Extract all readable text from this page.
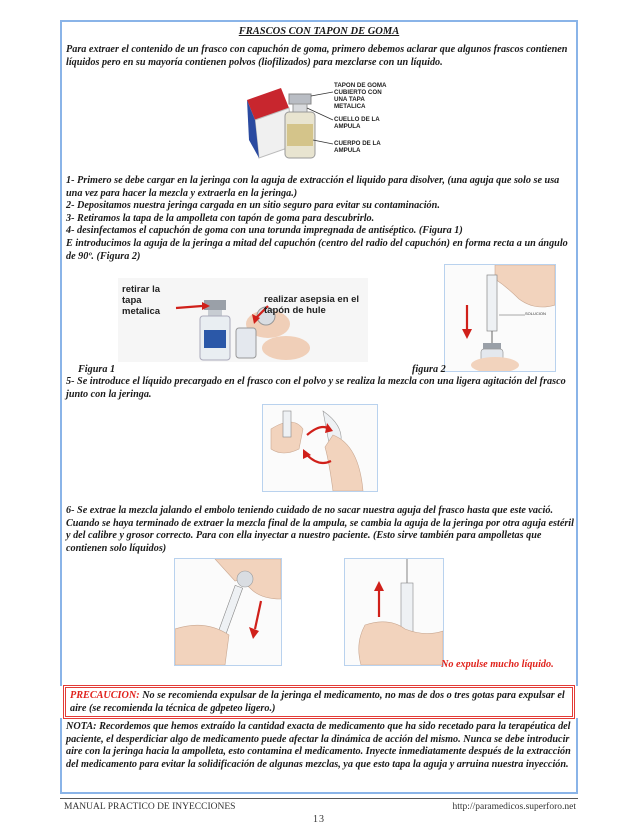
FRASCOS CON TAPON DE GOMA
Para extraer el contenido de un frasco con capuchón de goma, primero debemos aclarar que algunos frascos contienen líquidos pero en su mayoría contienen polvos (liofilizados) para mezclarse con un líquido.
TAPON DE GOMA CUBIERTO CON UNA TAPA METALICA
CUELLO DE LA AMPULA
CUERPO DE LA AMPULA
1- Primero se debe cargar en la jeringa con la aguja de extracción el liquido para disolver, (una aguja que solo se usa una vez para hacer la mezcla y extraerla en la jeringa.)
2- Depositamos nuestra jeringa cargada en un sitio seguro para evitar su contaminación.
3- Retiramos la tapa de la ampolleta con tapón de goma para descubrirlo.
4- desinfectamos el capuchón de goma con una torunda impregnada de antiséptico. (Figura 1)
E introducimos la aguja de la jeringa a mitad del capuchón (centro del radio del capuchón) en forma recta a un ángulo de 90º. (Figura 2)
retirar la tapa metalica
realizar asepsia en el tapón de hule	SOLUCION
Figura 1	figura 2
5- Se introduce el líquido precargado en el frasco con el polvo y se realiza la mezcla con una ligera agitación del frasco junto con la jeringa.
6- Se extrae la mezcla jalando el embolo teniendo cuidado de no sacar nuestra aguja del frasco hasta que este vació. Cuando se haya terminado de extraer la mezcla final de la ampula, se cambia la aguja de la jeringa por otra aguja estéril y del calibre y grosor correcto. Para con ella inyectar a nuestro paciente. (Esto sirve también para ampolletas que contienen solo líquidos)
No expulse mucho líquido.
PRECAUCION: No se recomienda expulsar de la jeringa el medicamento, no mas de dos o tres gotas para expulsar el aire (se recomienda la técnica de gdpeteo ligero.)
NOTA: Recordemos que hemos extraído la cantidad exacta de medicamento que ha sido recetado para la terapéutica del paciente, el desperdiciar algo de medicamento puede afectar la dinámica de acción del mismo. Nunca se debe introducir aire con la jeringa hacia la ampolleta, esto contamina el medicamento. Inyecte inmediatamente después de la extracción del medicamento para evitar la solidificación de algunas mezclas, ya que esto tapa la aguja y arruina nuestra inyección.
MANUAL PRACTICO DE INYECCIONES	http://paramedicos.superforo.net
13
